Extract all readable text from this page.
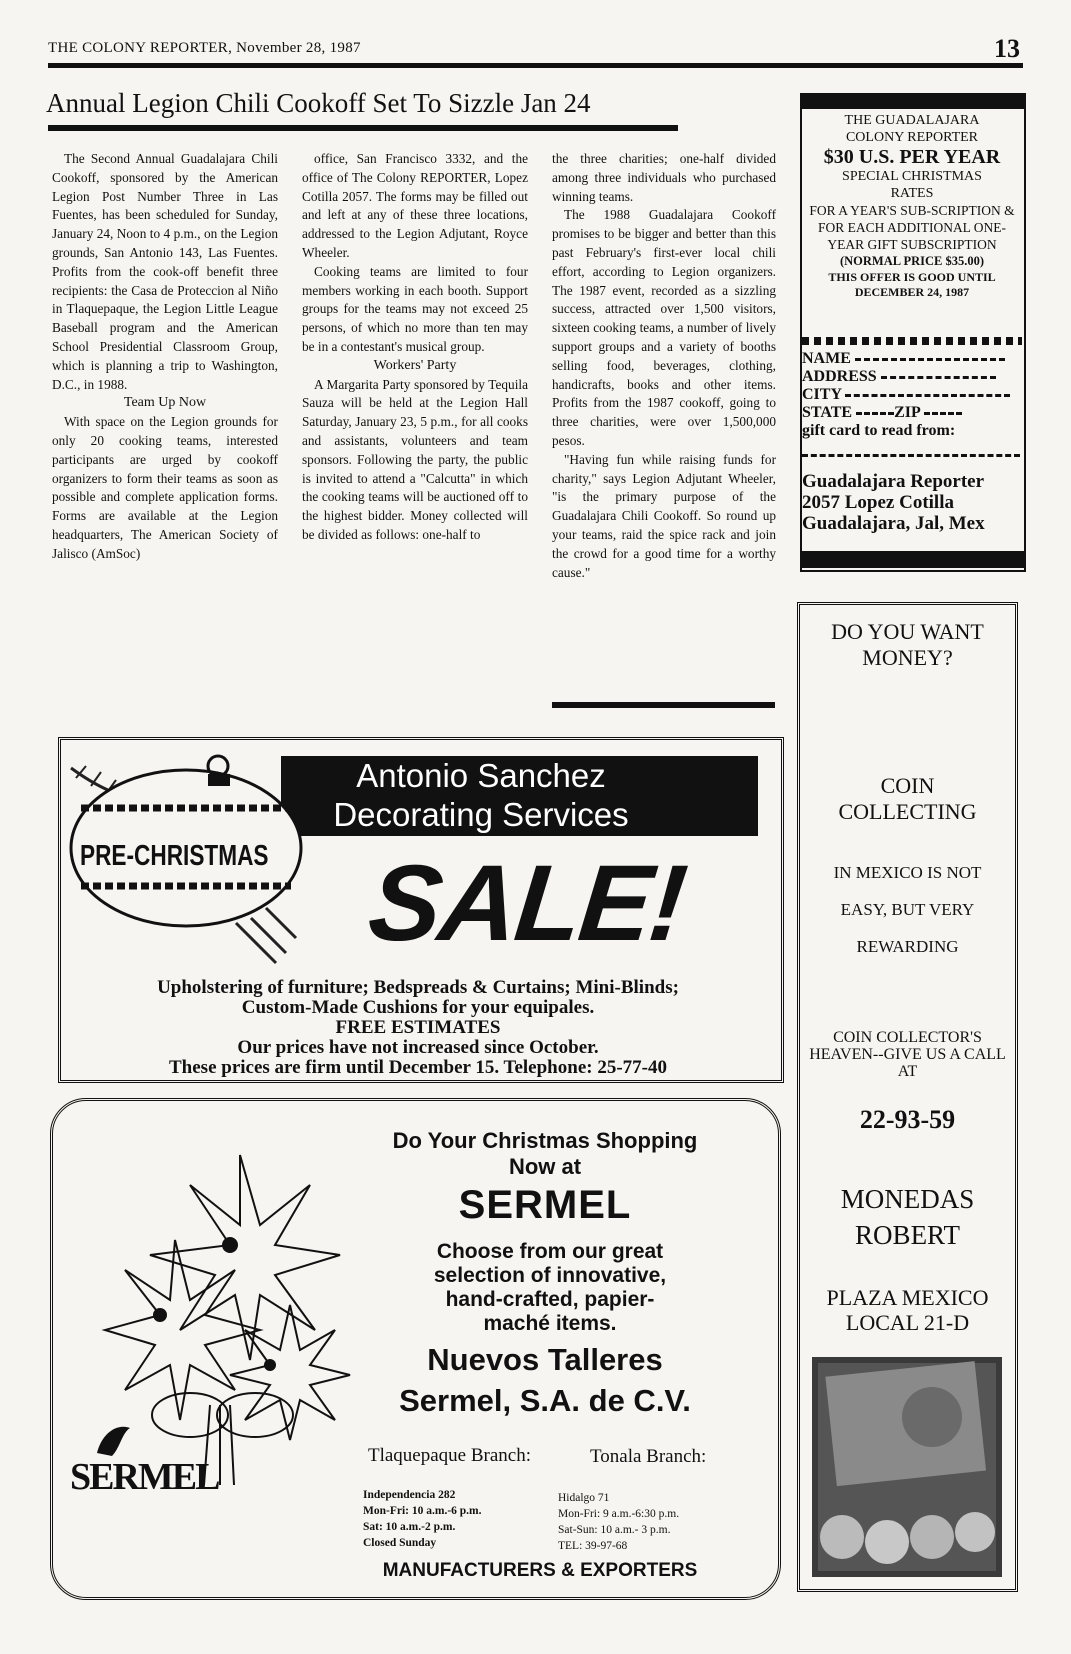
THE COLONY REPORTER, November 28, 1987	13
Annual Legion Chili Cookoff Set To Sizzle Jan 24

The Second Annual Guadalajara Chili Cookoff, sponsored by the American Legion Post Number Three in Las Fuentes, has been scheduled for Sunday, January 24, Noon to 4 p.m., on the Legion grounds, San Antonio 143, Las Fuentes. Profits from the cook-off benefit three recipients: the Casa de Proteccion al Niño in Tlaquepaque, the Legion Little League Baseball program and the American School Presidential Classroom Group, which is planning a trip to Washington, D.C., in 1988.

Team Up Now

With space on the Legion grounds for only 20 cooking teams, interested participants are urged by cookoff organizers to form their teams as soon as possible and complete application forms. Forms are available at the Legion headquarters, The American Society of Jalisco (AmSoc)

office, San Francisco 3332, and the office of The Colony REPORTER, Lopez Cotilla 2057. The forms may be filled out and left at any of these three locations, addressed to the Legion Adjutant, Royce Wheeler.

Cooking teams are limited to four members working in each booth. Support groups for the teams may not exceed 25 persons, of which no more than ten may be in a contestant's musical group.

Workers' Party

A Margarita Party sponsored by Tequila Sauza will be held at the Legion Hall Saturday, January 23, 5 p.m., for all cooks and assistants, volunteers and team sponsors. Following the party, the public is invited to attend a "Calcutta" in which the cooking teams will be auctioned off to the highest bidder. Money collected will be divided as follows: one-half to

the three charities; one-half divided among three individuals who purchased winning teams.

The 1988 Guadalajara Cookoff promises to be bigger and better than this past February's first-ever local chili effort, according to Legion organizers. The 1987 event, recorded as a sizzling success, attracted over 1,500 visitors, sixteen cooking teams, a number of lively support groups and a variety of booths selling food, beverages, clothing, handicrafts, books and other items. Profits from the 1987 cookoff, going to three charities, were over 1,500,000 pesos.

"Having fun while raising funds for charity," says Legion Adjutant Wheeler, "is the primary purpose of the Guadalajara Chili Cookoff. So round up your teams, raid the spice rack and join the crowd for a good time for a worthy cause."

THE GUADALAJARA
COLONY REPORTER
$30 U.S. PER YEAR
SPECIAL CHRISTMAS
RATES
FOR A YEAR'S SUB-SCRIPTION & FOR EACH ADDITIONAL ONE-YEAR GIFT SUBSCRIPTION
(NORMAL PRICE $35.00)
THIS OFFER IS GOOD UNTIL DECEMBER 24, 1987
NAME
ADDRESS
CITY
STATE	ZIP
gift card to read from:
Guadalajara Reporter
2057 Lopez Cotilla
Guadalajara, Jal, Mex
DO YOU WANT MONEY?
COIN COLLECTING
IN MEXICO IS NOT
EASY, BUT VERY
REWARDING
COIN COLLECTOR'S HEAVEN--GIVE US A CALL AT
22-93-59
MONEDAS ROBERT
PLAZA MEXICO LOCAL 21-D
Antonio Sanchez Decorating Services
PRE-CHRISTMAS SALE!
Upholstering of furniture; Bedspreads & Curtains; Mini-Blinds;
Custom-Made Cushions for your equipales.
FREE ESTIMATES
Our prices have not increased since October.
These prices are firm until December 15. Telephone: 25-77-40
Do Your Christmas Shopping Now at
SERMEL
Choose from our great selection of innovative, hand-crafted, papier-maché items.
Nuevos Talleres
Sermel, S.A. de C.V.
SERMEL
Tlaquepaque Branch:
Independencia 282
Mon-Fri: 10 a.m.-6 p.m.
Sat: 10 a.m.-2 p.m.
Closed Sunday
Tonala Branch:
Hidalgo 71
Mon-Fri: 9 a.m.-6:30 p.m.
Sat-Sun: 10 a.m.- 3 p.m.
TEL: 39-97-68
MANUFACTURERS & EXPORTERS
